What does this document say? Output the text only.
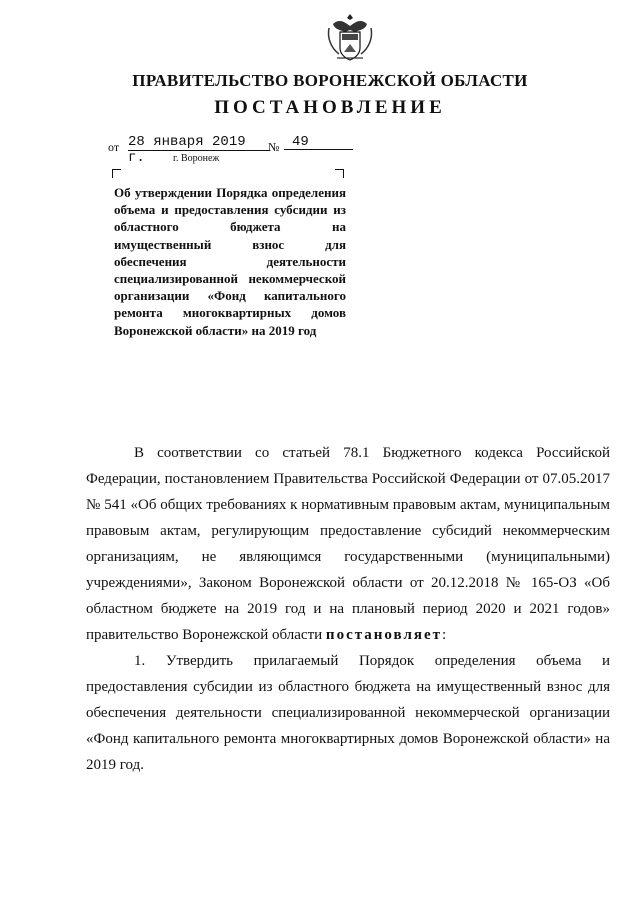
ПРАВИТЕЛЬСТВО ВОРОНЕЖСКОЙ ОБЛАСТИ
ПОСТАНОВЛЕНИЕ
от 28 января 2019 г.
№ 49
г. Воронеж
Об утверждении Порядка определения объема и предоставления субсидии из областного бюджета на имущественный взнос для обеспечения деятельности специализированной некоммерческой организации «Фонд капитального ремонта многоквартирных домов Воронежской области» на 2019 год

В соответствии со статьей 78.1 Бюджетного кодекса Российской Федерации, постановлением Правительства Российской Федерации от 07.05.2017 № 541 «Об общих требованиях к нормативным правовым актам, муниципальным правовым актам, регулирующим предоставление субсидий некоммерческим организациям, не являющимся государственными (муниципальными) учреждениями», Законом Воронежской области от 20.12.2018 № 165-ОЗ «Об областном бюджете на 2019 год и на плановый период 2020 и 2021 годов» правительство Воронежской области постановляет:

1. Утвердить прилагаемый Порядок определения объема и предоставления субсидии из областного бюджета на имущественный взнос для обеспечения деятельности специализированной некоммерческой организации «Фонд капитального ремонта многоквартирных домов Воронежской области» на 2019 год.
